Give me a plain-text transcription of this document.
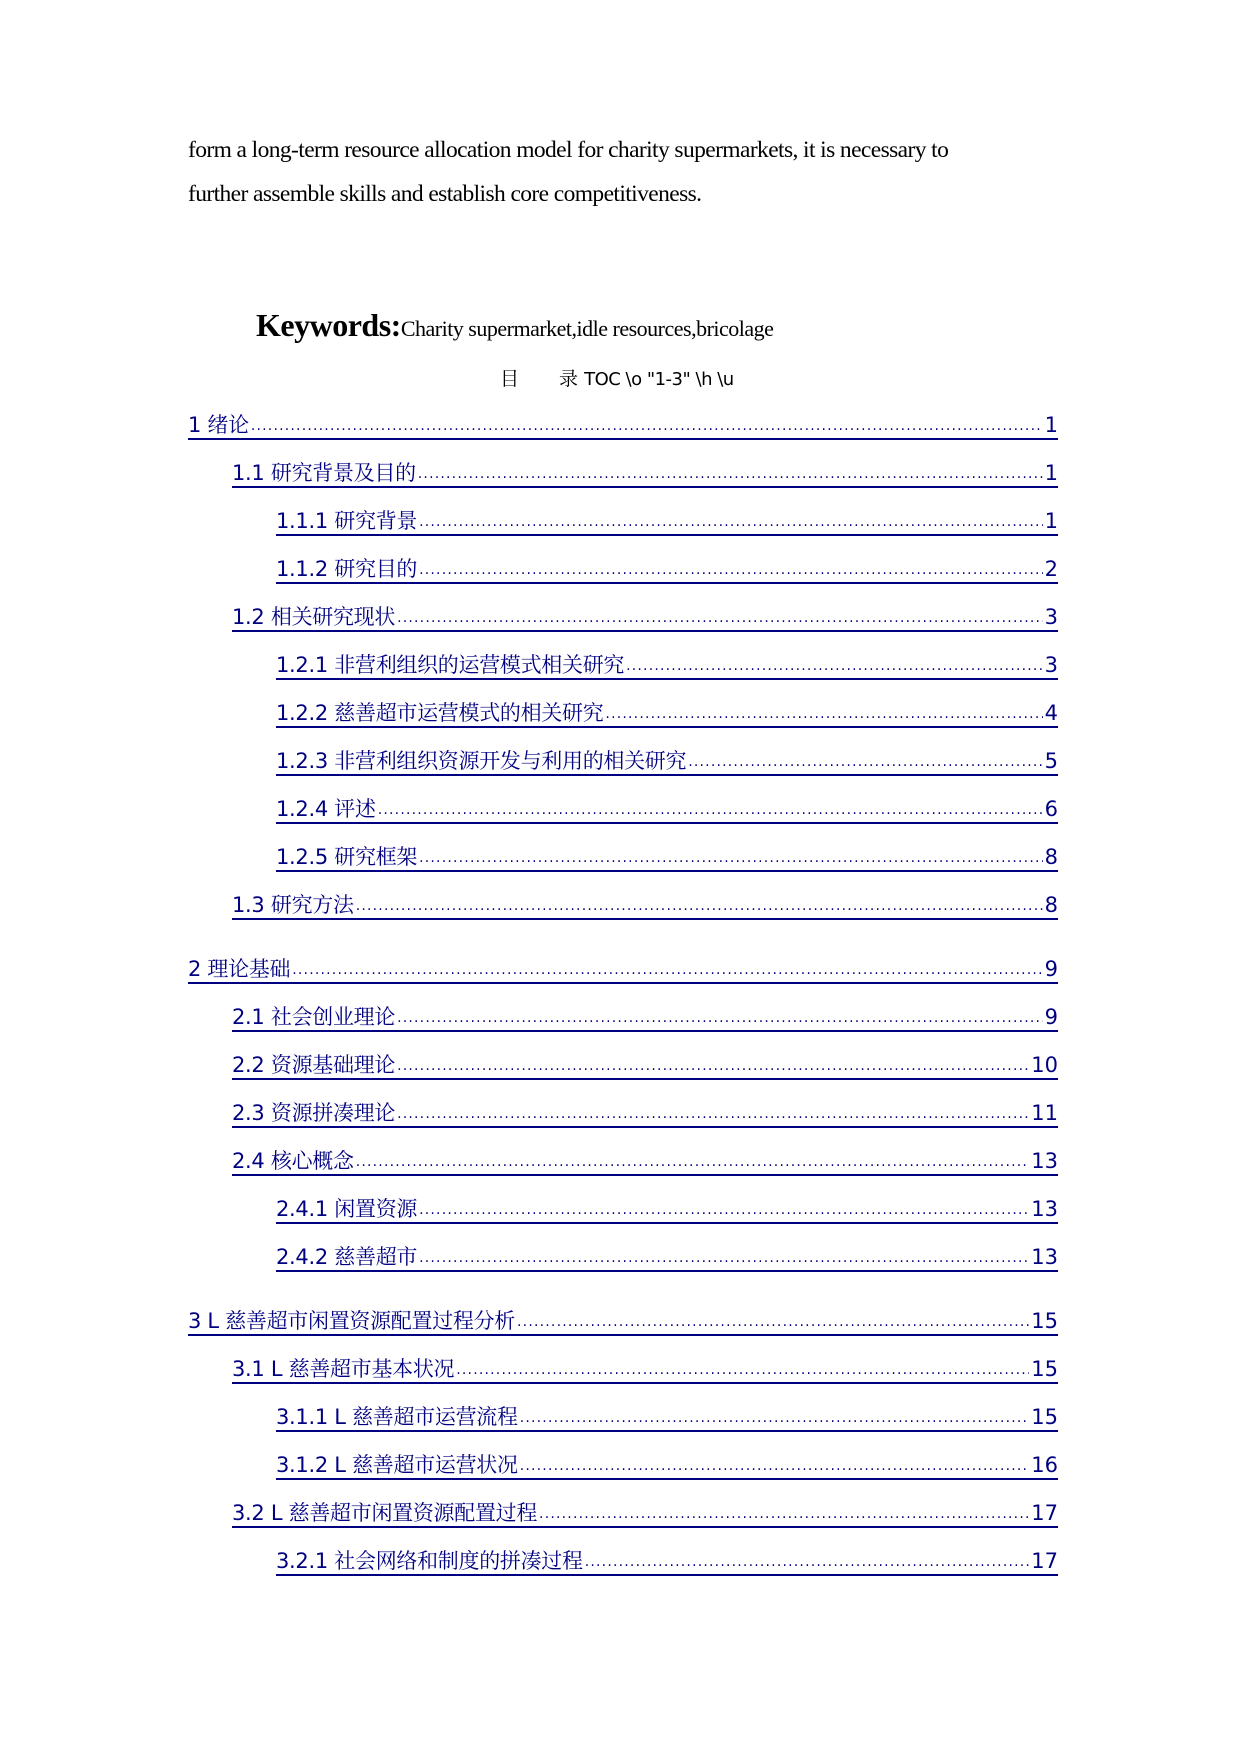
form a long-term resource allocation model for charity supermarkets, it is necessary to
further assemble skills and establish core competitiveness.
Keywords:Charity supermarket,idle resources,bricolage
目 录 TOC \o "1-3" \h \u
1 绪论 .....	1
1.1 研究背景及目的 .....	1
1.1.1 研究背景 .....	1
1.1.2 研究目的 .....	2
1.2 相关研究现状 .....	3
1.2.1 非营利组织的运营模式相关研究 .....	3
1.2.2 慈善超市运营模式的相关研究 .....	4
1.2.3 非营利组织资源开发与利用的相关研究 .....	5
1.2.4 评述 .....	6
1.2.5 研究框架 .....	8
1.3 研究方法 .....	8
2 理论基础 .....	9
2.1 社会创业理论 .....	9
2.2 资源基础理论 .....	10
2.3 资源拼凑理论 .....	11
2.4 核心概念 .....	13
2.4.1 闲置资源 .....	13
2.4.2 慈善超市 .....	13
3 L 慈善超市闲置资源配置过程分析 .....	15
3.1 L 慈善超市基本状况 .....	15
3.1.1 L 慈善超市运营流程 .....	15
3.1.2 L 慈善超市运营状况 .....	16
3.2 L 慈善超市闲置资源配置过程 .....	17
3.2.1 社会网络和制度的拼凑过程 .....	17
